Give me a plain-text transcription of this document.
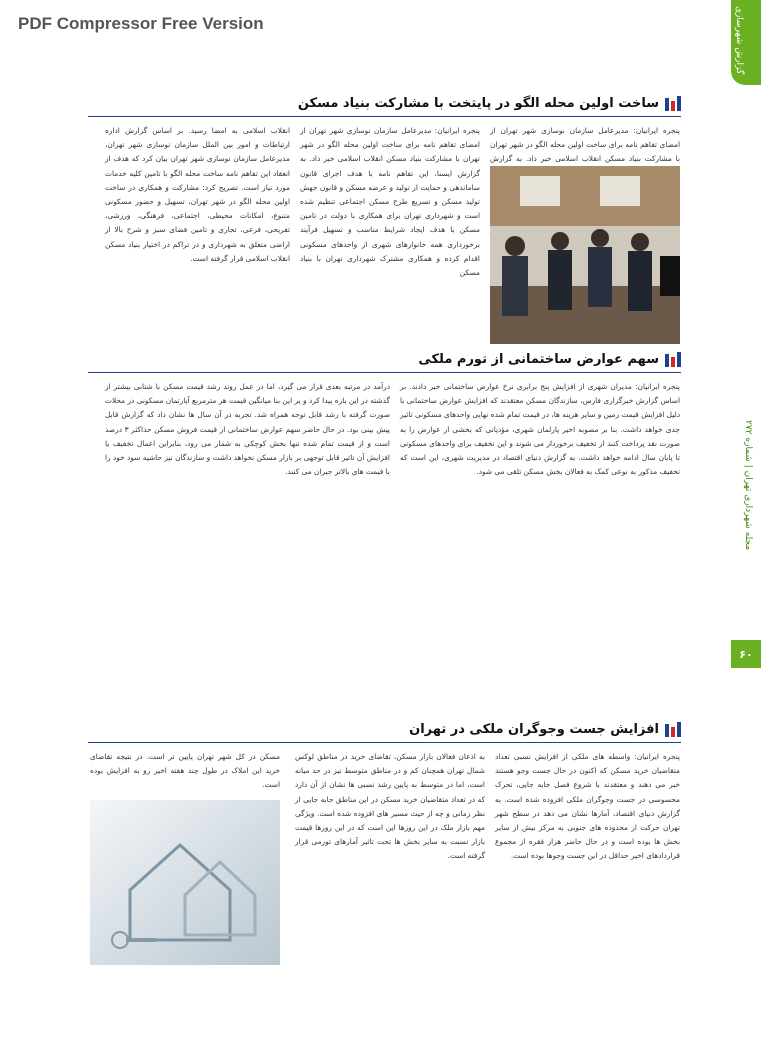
PDF Compressor Free Version	گزارش شهرسازی
مجله شهرداری تهران | شماره ۲۷۲
۶۰
ساخت اولین محله الگو در پایتخت با مشارکت بنیاد مسکن
پنجره ایرانیان: مدیرعامل سازمان نوسازی شهر تهران از امضای تفاهم نامه برای ساخت اولین محله الگو در شهر تهران با مشارکت بنیاد مسکن انقلاب اسلامی خبر داد. به گزارش
پنجره ایرانیان: مدیرعامل سازمان نوسازی شهر تهران از امضای تفاهم نامه برای ساخت اولین محله الگو در شهر تهران با مشارکت بنیاد مسکن انقلاب اسلامی خبر داد. به گزارش ایسنا، این تفاهم نامه با هدف اجرای قانون ساماندهی و حمایت از تولید و عرضه مسکن و قانون جهش تولید مسکن و تسریع طرح مسکن اجتماعی تنظیم شده است و شهرداری تهران برای همکاری با دولت در تامین مسکن با هدف ایجاد شرایط مناسب و تسهیل فرآیند برخورداری همه خانوارهای شهری از واحدهای مسکونی اقدام کرده و همکاری مشترک شهرداری تهران با بنیاد مسکن
انقلاب اسلامی به امضا رسید. بر اساس گزارش اداره ارتباطات و امور بین الملل سازمان نوسازی شهر تهران، مدیرعامل سازمان نوسازی شهر تهران بیان کرد که هدف از انعقاد این تفاهم نامه ساخت محله الگو با تامین کلیه خدمات مورد نیاز است. تصریح کرد: مشارکت و همکاری در ساخت اولین محله الگو در شهر تهران، تسهیل و حضور مسکونی متنوع، امکانات محیطی، اجتماعی، فرهنگی، ورزشی، تفریحی، فرعی، تجاری و تامین فضای سبز و شرح بالا از اراضی متعلق به شهرداری و در تراکم در اختیار بنیاد مسکن انقلاب اسلامی قرار گرفته است.
سهم عوارض ساختمانی از تورم ملکی
پنجره ایرانیان: مدیران شهری از افزایش پنج برابری نرخ عوارض ساختمانی خبر دادند. بر اساس گزارش خبرگزاری فارس، سازندگان مسکن معتقدند که افزایش عوارض ساختمانی با دلیل افزایش قیمت زمین و سایر هزینه ها، در قیمت تمام شده نهایی واحدهای مسکونی تاثیر جدی خواهد داشت. بنا بر مصوبه اخیر پارلمان شهری، مؤدیانی که بخشی از عوارض را به صورت نقد پرداخت کنند از تخفیف برخوردار می شوند و این تخفیف برای واحدهای مسکونی تا پایان سال ادامه خواهد داشت. به گزارش دنیای اقتصاد در مدیریت شهری، این است که تخفیف مذکور به نوعی کمک به فعالان بخش مسکن تلقی می شود.
درآمد در مرتبه بعدی قرار می گیرد، اما در عمل روند رشد قیمت مسکن با شتابی بیشتر از گذشته در این بازه پیدا کرد و بر این بنا میانگین قیمت هر مترمربع آپارتمان مسکونی در محلات صورت گرفته با رشد قابل توجه همراه شد. تجربه در آن سال ها نشان داد که گزارش قابل پیش بینی بود. در حال حاضر سهم عوارض ساختمانی از قیمت فروش مسکن حداکثر ۳ درصد است و از قیمت تمام شده تنها بخش کوچکی به شمار می رود، بنابراین اعمال تخفیف یا افزایش آن تاثیر قابل توجهی بر بازار مسکن نخواهد داشت و سازندگان نیز حاشیه سود خود را با قیمت های بالاتر جبران می کنند.
افزایش جست وجوگران ملکی در تهران
پنجره ایرانیان: واسطه های ملکی از افزایش نسبی تعداد متقاضیان خرید مسکن که اکنون در حال جست وجو هستند خبر می دهند و معتقدند با شروع فصل جابه جایی، تحرک محسوسی در جست وجوگران ملکی افزوده شده است. به گزارش دنیای اقتصاد، آمارها نشان می دهد در سطح شهر تهران حرکت از محدوده های جنوبی به مرکز بیش از سایر بخش ها بوده است و در حال حاضر هزار فقره از مجموع قراردادهای اخیر حداقل در این جست وجوها بوده است.
به اذعان فعالان بازار مسکن، تقاضای خرید در مناطق لوکس شمال تهران همچنان کم و در مناطق متوسط نیز در حد میانه است، اما در متوسط به پایین رشد نسبی ها نشان از آن دارد که در تعداد متقاضیان خرید مسکن در این مناطق جابه جایی از نظر زمانی و چه از حیث مسیر های افزوده شده است. ویژگی مهم بازار ملک در این روزها این است که در این روزها قیمت بازار نسبت به سایر بخش ها تحت تاثیر آمارهای تورمی قرار گرفته است.
مسکن در کل شهر تهران پایین تر است. در نتیجه تقاضای خرید این املاک در طول چند هفته اخیر رو به افزایش بوده است.
